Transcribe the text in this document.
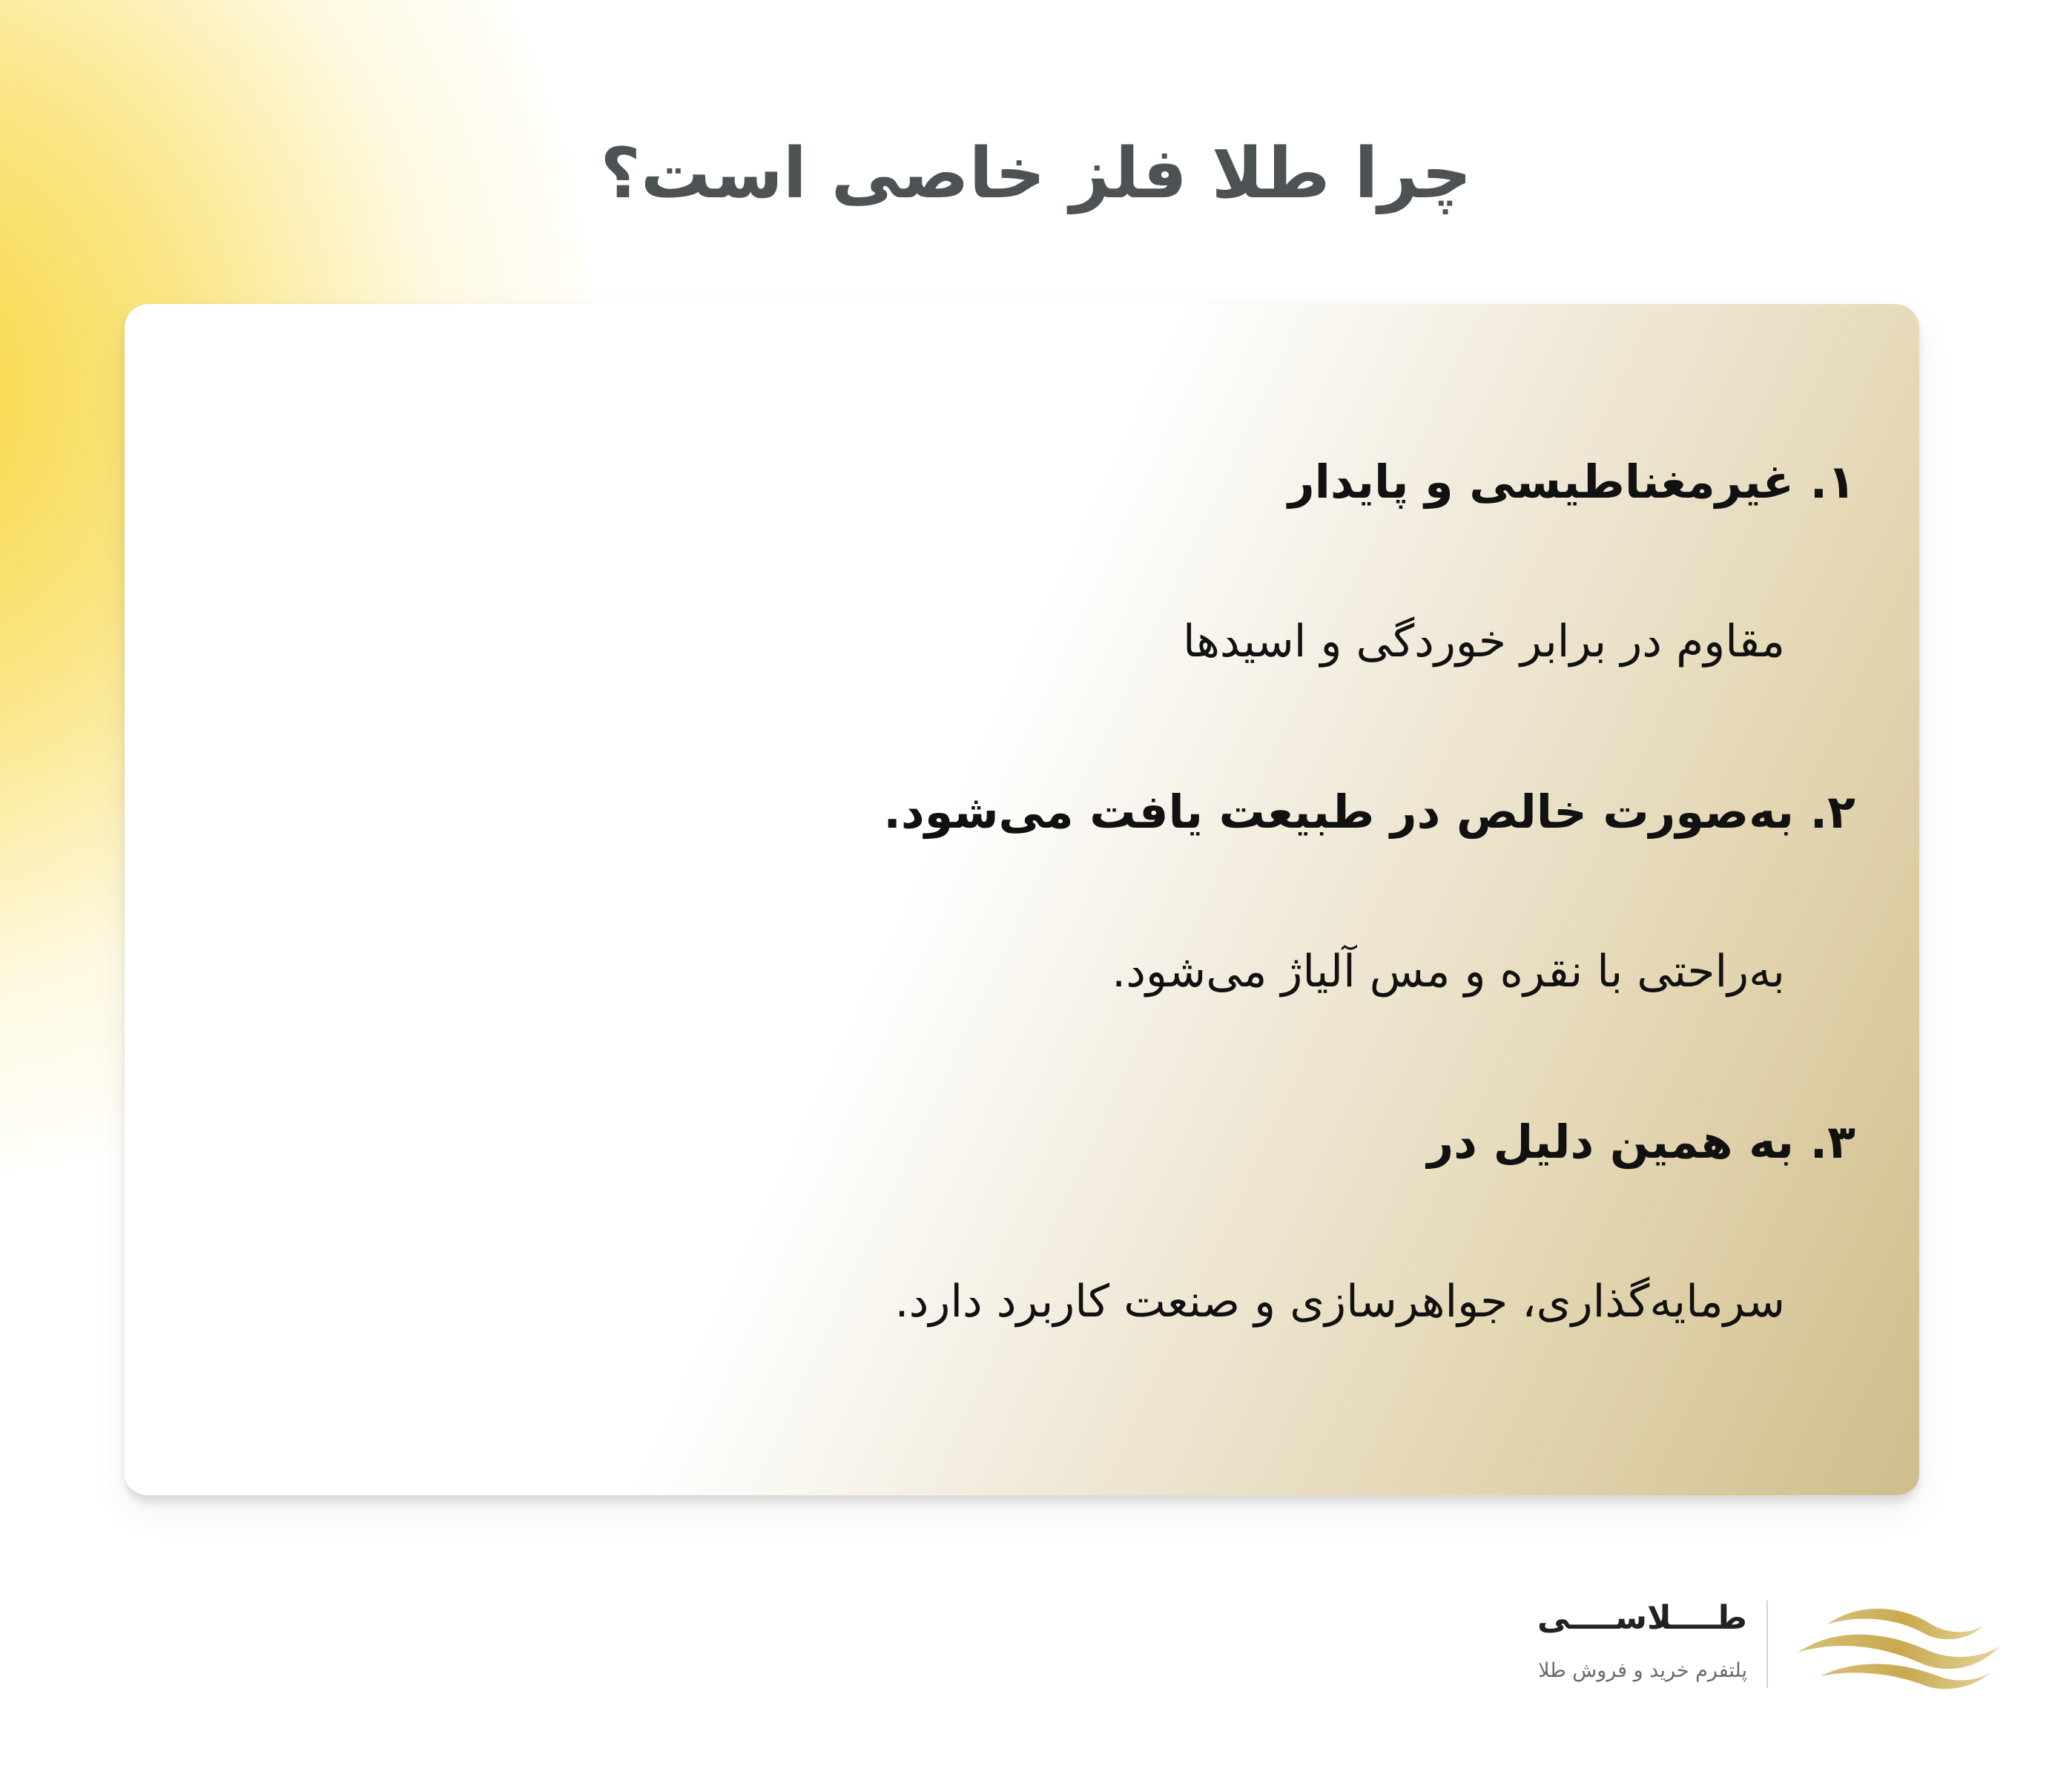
چرا طلا فلز خاصی است؟

۱. غیرمغناطیسی و پایدار

مقاوم در برابر خوردگی و اسیدها

۲. به‌صورت خالص در طبیعت یافت می‌شود.

به‌راحتی با نقره و مس آلیاژ می‌شود.

۳. به همین دلیل در

سرمایه‌گذاری، جواهرسازی و صنعت کاربرد دارد.

طــــلاســــی

پلتفرم خرید و فروش طلا
